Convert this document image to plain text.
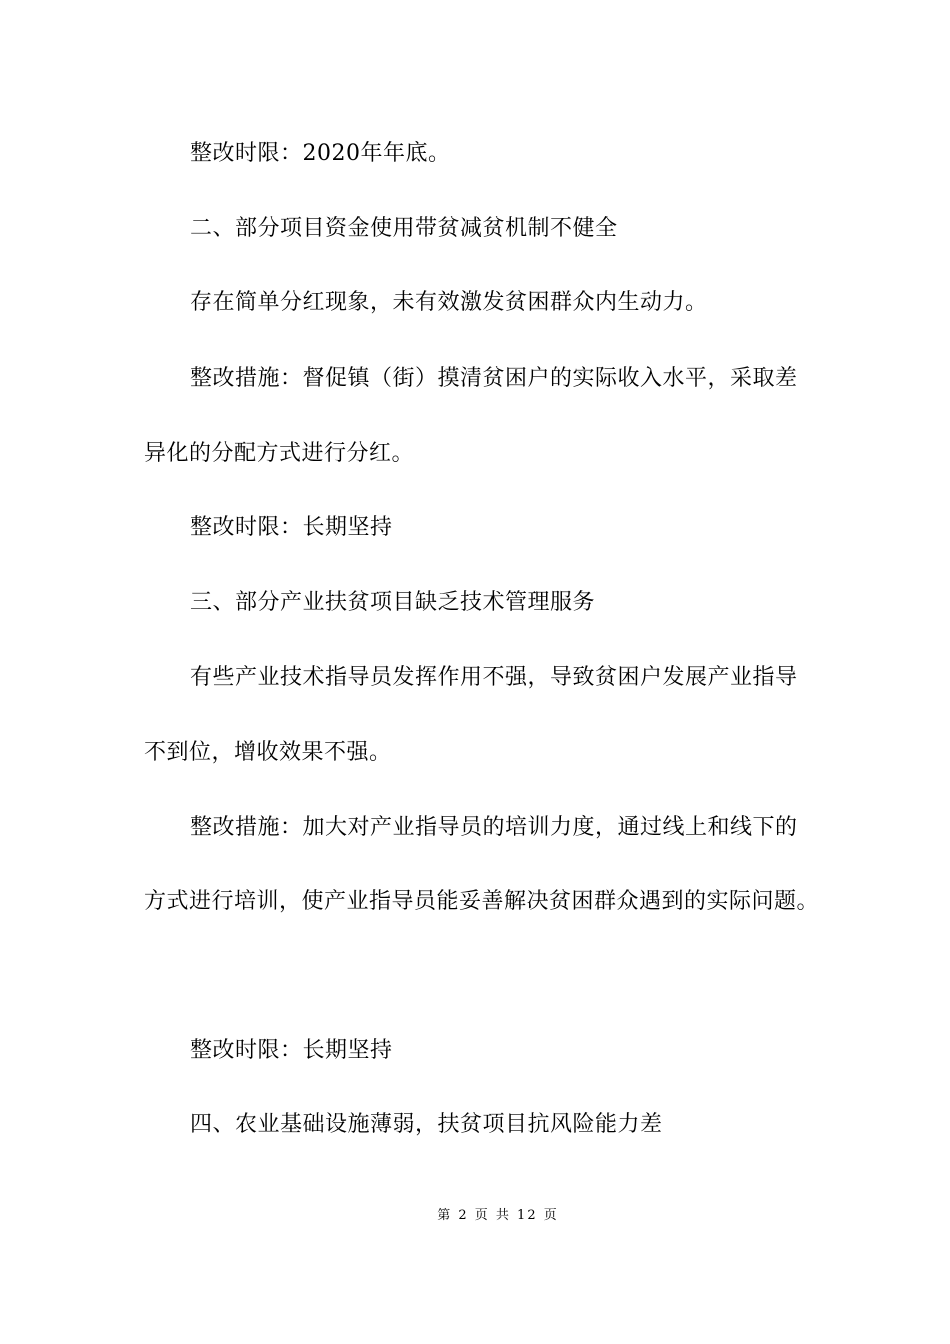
整改时限：2020年年底。
二、部分项目资金使用带贫减贫机制不健全
存在简单分红现象，未有效激发贫困群众内生动力。
整改措施：督促镇（街）摸清贫困户的实际收入水平，采取差
异化的分配方式进行分红。
整改时限：长期坚持
三、部分产业扶贫项目缺乏技术管理服务
有些产业技术指导员发挥作用不强，导致贫困户发展产业指导
不到位，增收效果不强。
整改措施：加大对产业指导员的培训力度，通过线上和线下的
方式进行培训，使产业指导员能妥善解决贫困群众遇到的实际问题。
整改时限：长期坚持
四、农业基础设施薄弱，扶贫项目抗风险能力差
第 2 页 共 12 页
